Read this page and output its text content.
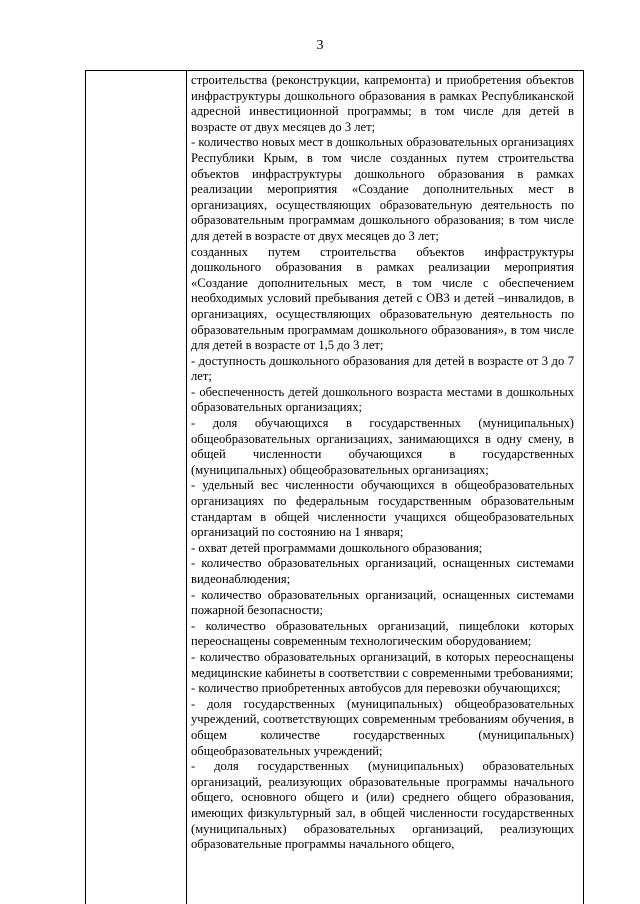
3
строительства (реконструкции, капремонта) и приобретения объектов инфраструктуры дошкольного образования в рамках Республиканской адресной инвестиционной программы; в том числе для детей в возрасте от двух месяцев до 3 лет;
- количество новых мест в дошкольных образовательных организациях Республики Крым, в том числе созданных путем строительства объектов инфраструктуры дошкольного образования в рамках реализации мероприятия «Создание дополнительных мест в организациях, осуществляющих образовательную деятельность по образовательным программам дошкольного образования; в том числе для детей в возрасте от двух месяцев до 3 лет;
созданных путем строительства объектов инфраструктуры дошкольного образования в рамках реализации мероприятия «Создание дополнительных мест, в том числе с обеспечением необходимых условий пребывания детей с ОВЗ и детей –инвалидов, в организациях, осуществляющих образовательную деятельность по образовательным программам дошкольного образования», в том числе для детей в возрасте от 1,5 до 3 лет;
- доступность дошкольного образования для детей в возрасте от 3 до 7 лет;
- обеспеченность детей дошкольного возраста местами в дошкольных образовательных организациях;
- доля обучающихся в государственных (муниципальных) общеобразовательных организациях, занимающихся в одну смену, в общей численности обучающихся в государственных (муниципальных) общеобразовательных организациях;
- удельный вес численности обучающихся в общеобразовательных организациях по федеральным государственным образовательным стандартам в общей численности учащихся общеобразовательных организаций по состоянию на 1 января;
- охват детей программами дошкольного образования;
- количество образовательных организаций, оснащенных системами видеонаблюдения;
- количество образовательных организаций, оснащенных системами пожарной безопасности;
- количество образовательных организаций, пищеблоки которых переоснащены современным технологическим оборудованием;
- количество образовательных организаций, в которых переоснащены медицинские кабинеты в соответствии с современными требованиями;
- количество приобретенных автобусов для перевозки обучающихся;
- доля государственных (муниципальных) общеобразовательных учреждений, соответствующих современным требованиям обучения, в общем количестве государственных (муниципальных) общеобразовательных учреждений;
- доля государственных (муниципальных) образовательных организаций, реализующих образовательные программы начального общего, основного общего и (или) среднего общего образования, имеющих физкультурный зал, в общей численности государственных (муниципальных) образовательных организаций, реализующих образовательные программы начального общего,
